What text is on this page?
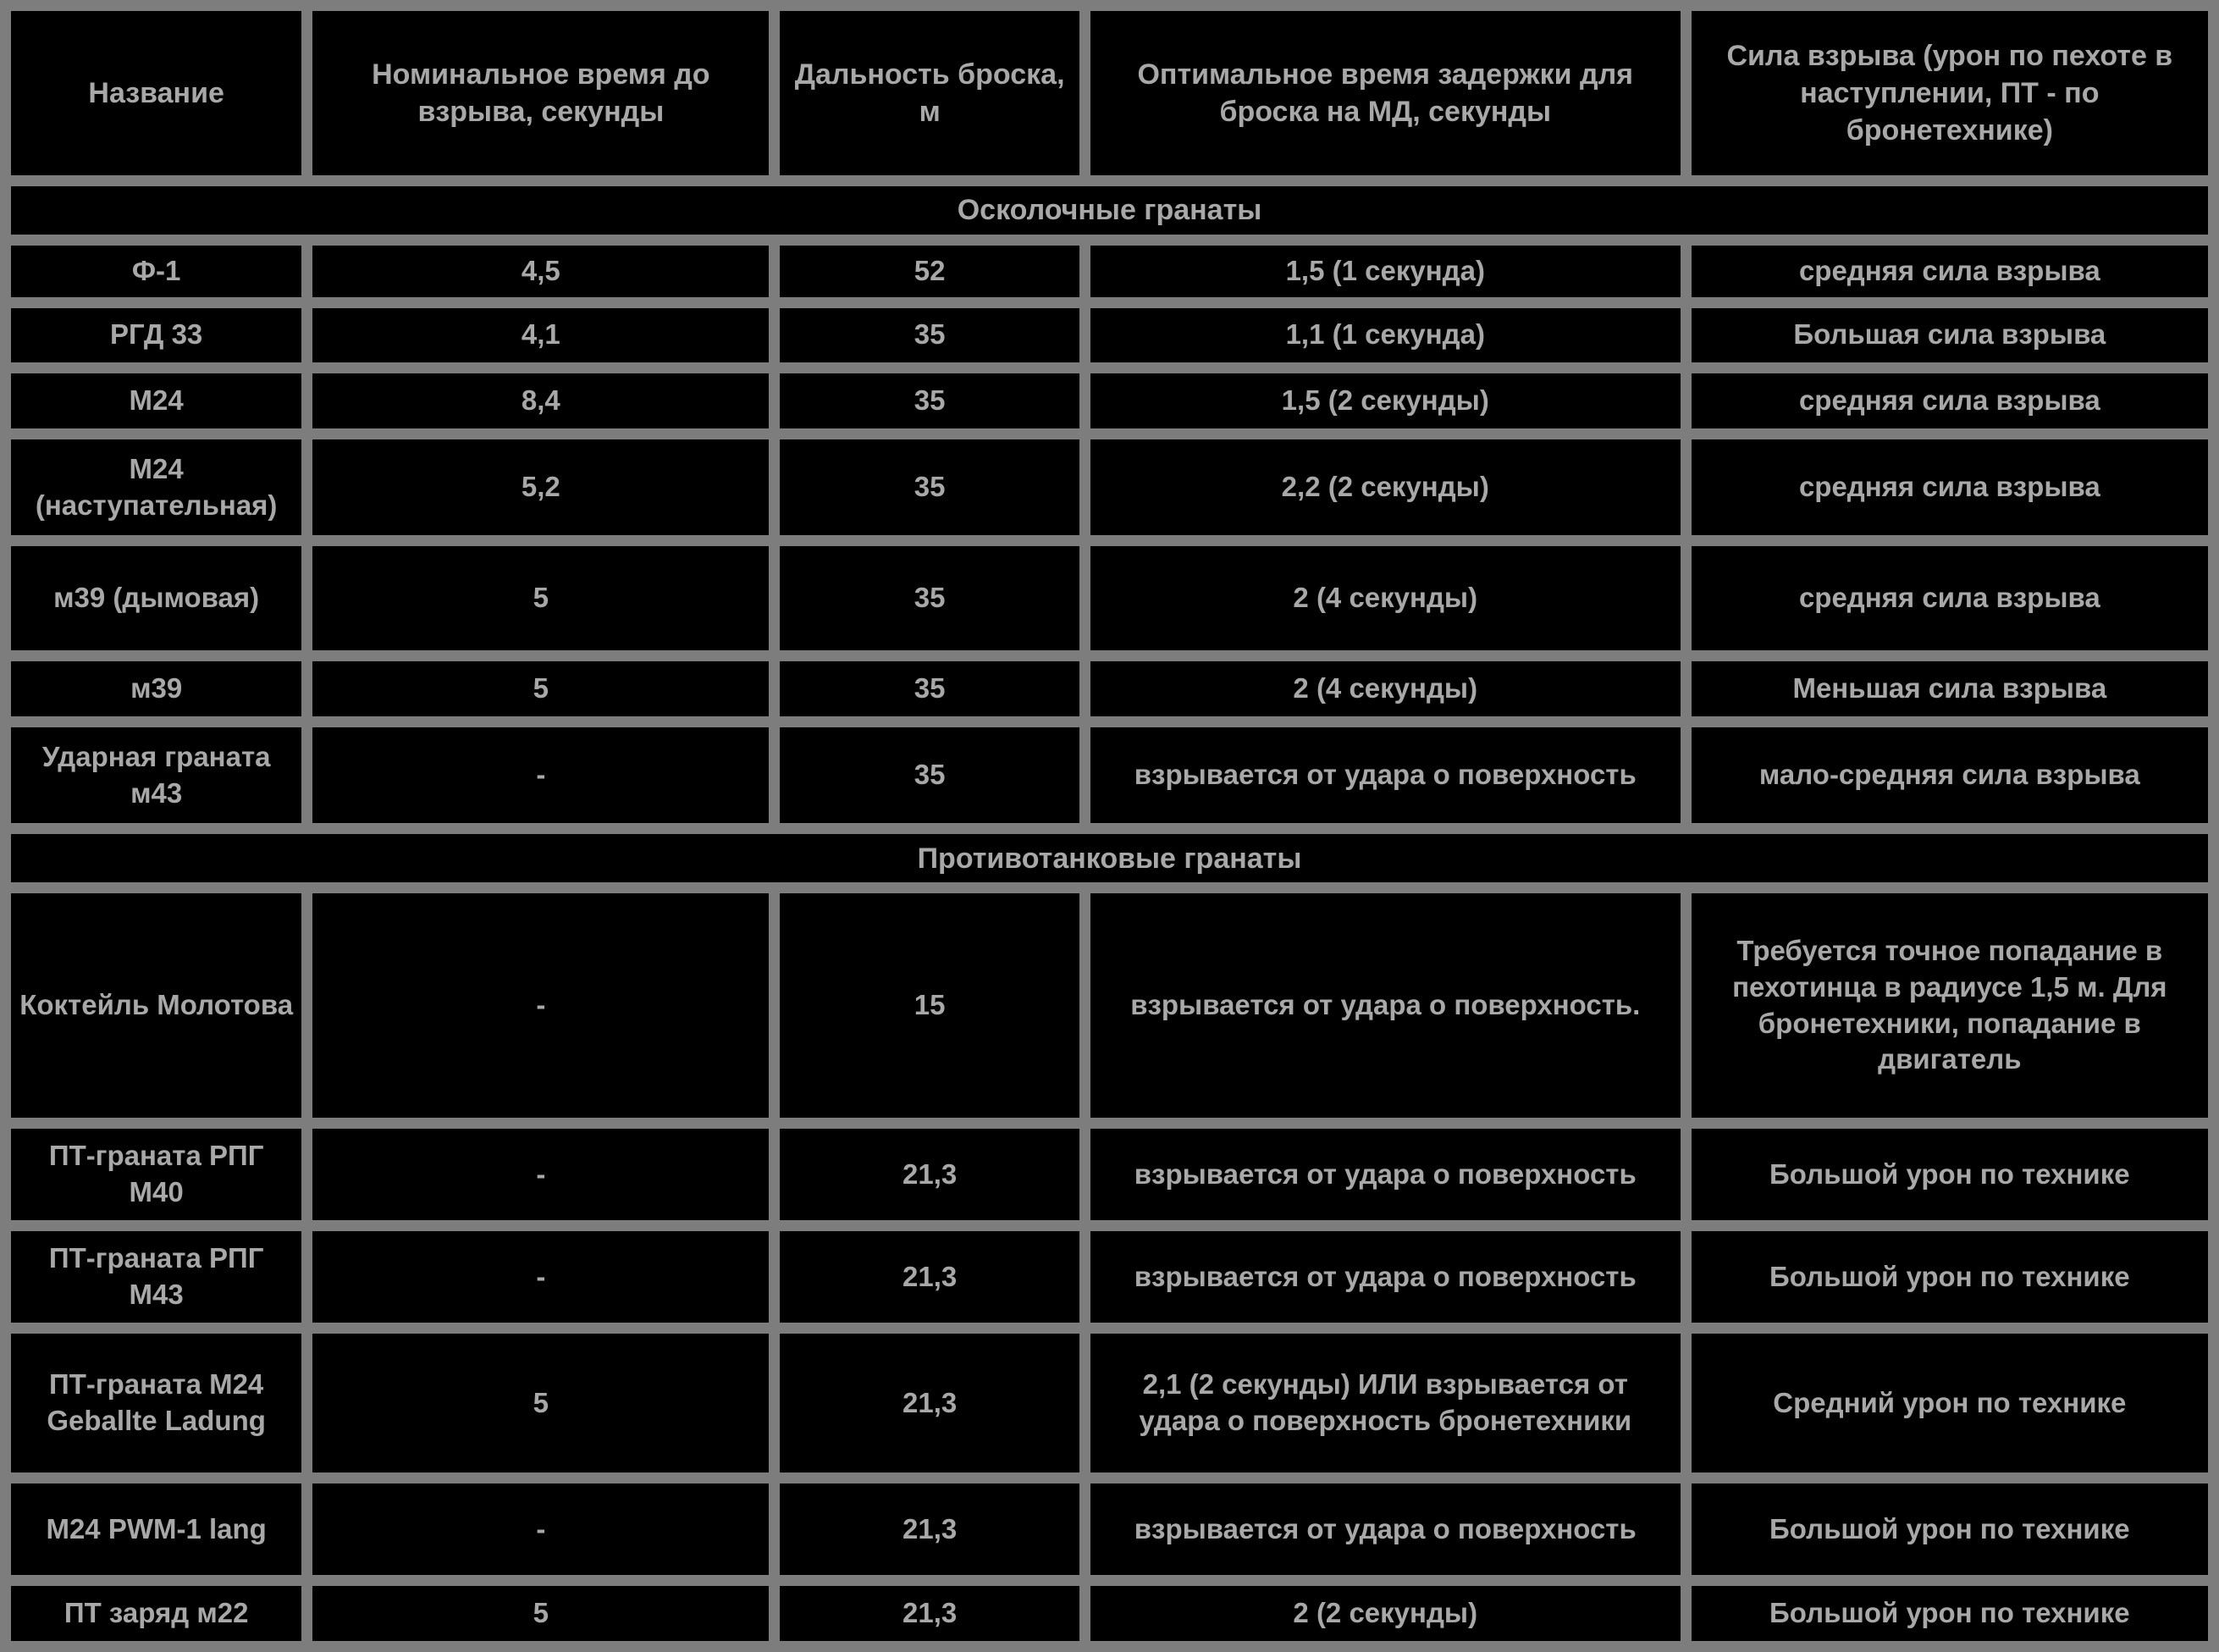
Название	Номинальное время до взрыва, секунды	Дальность броска, м	Оптимальное время задержки для броска на МД, секунды	Сила взрыва (урон по пехоте в наступлении, ПТ - по бронетехнике)
Осколочные гранаты				
Ф-1	4,5	52	1,5 (1 секунда)	средняя сила взрыва
РГД 33	4,1	35	1,1 (1 секунда)	Большая сила взрыва
М24	8,4	35	1,5 (2 секунды)	средняя сила взрыва
М24 (наступательная)	5,2	35	2,2 (2 секунды)	средняя сила взрыва
м39 (дымовая)	5	35	2 (4 секунды)	средняя сила взрыва
м39	5	35	2 (4 секунды)	Меньшая сила взрыва
Ударная граната м43	-	35	взрывается от удара о поверхность	мало-средняя сила взрыва
Противотанковые гранаты				
Коктейль Молотова	-	15	взрывается от удара о поверхность.	Требуется точное попадание в пехотинца в радиусе 1,5 м. Для бронетехники, попадание в двигатель
ПТ-граната РПГ М40	-	21,3	взрывается от удара о поверхность	Большой урон по технике
ПТ-граната РПГ М43	-	21,3	взрывается от удара о поверхность	Большой урон по технике
ПТ-граната М24 Geballte Ladung	5	21,3	2,1 (2 секунды) ИЛИ взрывается от удара о поверхность бронетехники	Средний урон по технике
М24 PWM-1 lang	-	21,3	взрывается от удара о поверхность	Большой урон по технике
ПТ заряд м22	5	21,3	2 (2 секунды)	Большой урон по технике
